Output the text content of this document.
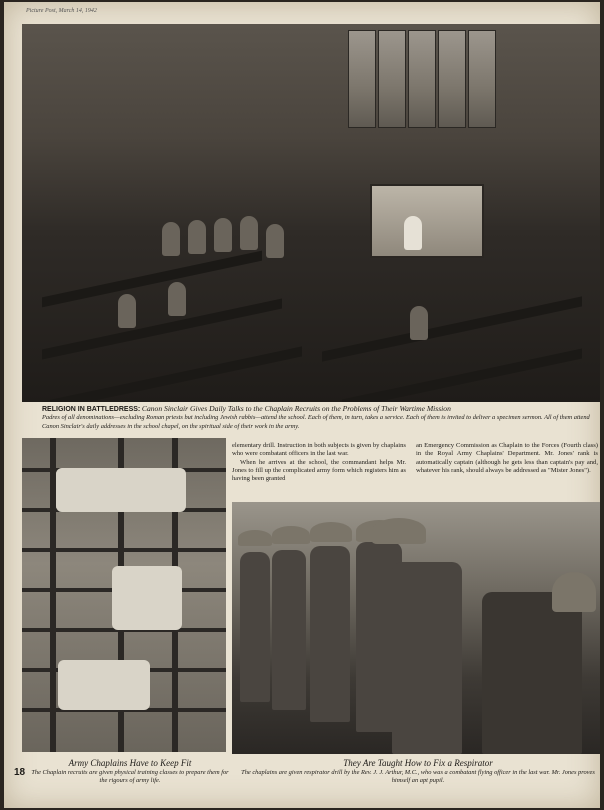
Picture Post, March 14, 1942
RELIGION IN BATTLEDRESS: Canon Sinclair Gives Daily Talks to the Chaplain Recruits on the Problems of Their Wartime Mission
Padres of all denominations—excluding Roman priests but including Jewish rabbis—attend the school. Each of them, in turn, takes a service. Each of them is invited to deliver a specimen sermon. All of them attend Canon Sinclair's daily addresses in the school chapel, on the spiritual side of their work in the army.

elementary drill. Instruction in both subjects is given by chaplains who were combatant officers in the last war.

When he arrives at the school, the commandant helps Mr. Jones to fill up the complicated army form which registers him as having been granted

an Emergency Commission as Chaplain to the Forces (Fourth class) in the Royal Army Chaplains' Department. Mr. Jones' rank is automatically captain (although he gets less than captain's pay and, whatever his rank, should always be addressed as "Mister Jones").

Army Chaplains Have to Keep Fit
The Chaplain recruits are given physical training classes to prepare them for the rigours of army life.
They Are Taught How to Fix a Respirator
The chaplains are given respirator drill by the Rev. J. J. Arthur, M.C., who was a combatant flying officer in the last war. Mr. Jones proves himself an apt pupil.
18
